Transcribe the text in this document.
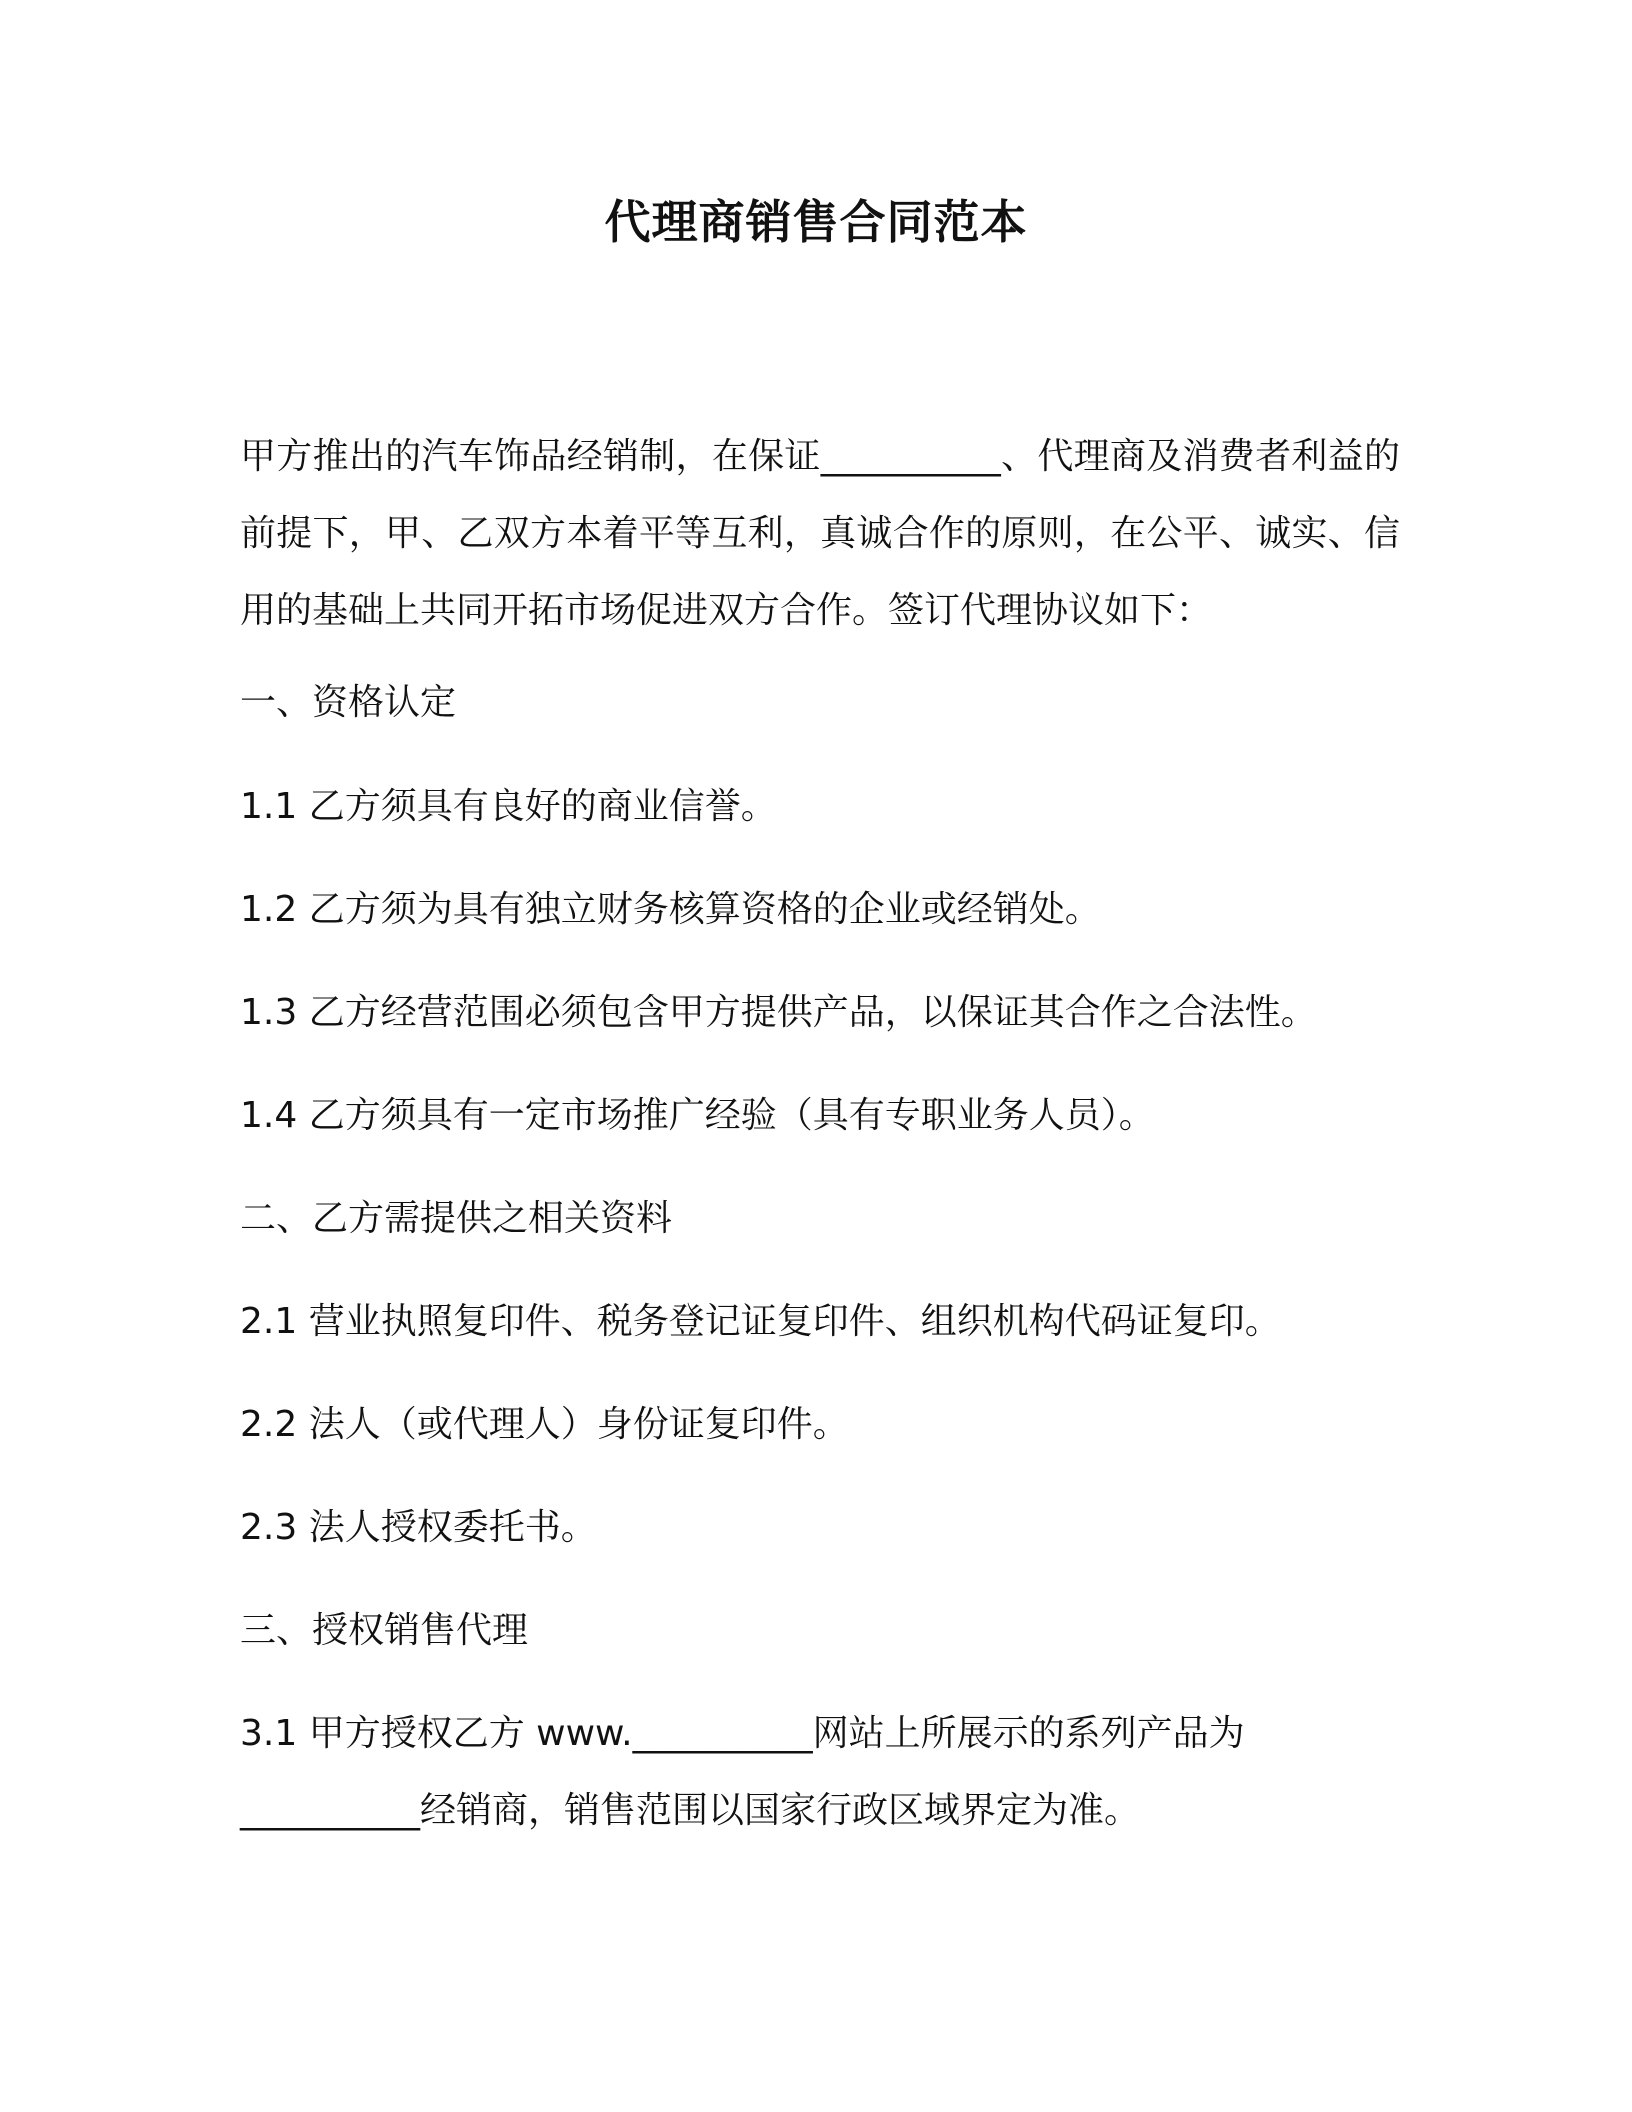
代理商销售合同范本

甲方推出的汽车饰品经销制，在保证__________、代理商及消费者利益的前提下，甲、乙双方本着平等互利，真诚合作的原则，在公平、诚实、信用的基础上共同开拓市场促进双方合作。签订代理协议如下：

一、资格认定

1.1 乙方须具有良好的商业信誉。

1.2 乙方须为具有独立财务核算资格的企业或经销处。

1.3 乙方经营范围必须包含甲方提供产品，以保证其合作之合法性。

1.4 乙方须具有一定市场推广经验（具有专职业务人员）。

二、乙方需提供之相关资料

2.1 营业执照复印件、税务登记证复印件、组织机构代码证复印。

2.2 法人（或代理人）身份证复印件。

2.3 法人授权委托书。

三、授权销售代理

3.1 甲方授权乙方 www.__________网站上所展示的系列产品为__________经销商，销售范围以国家行政区域界定为准。
